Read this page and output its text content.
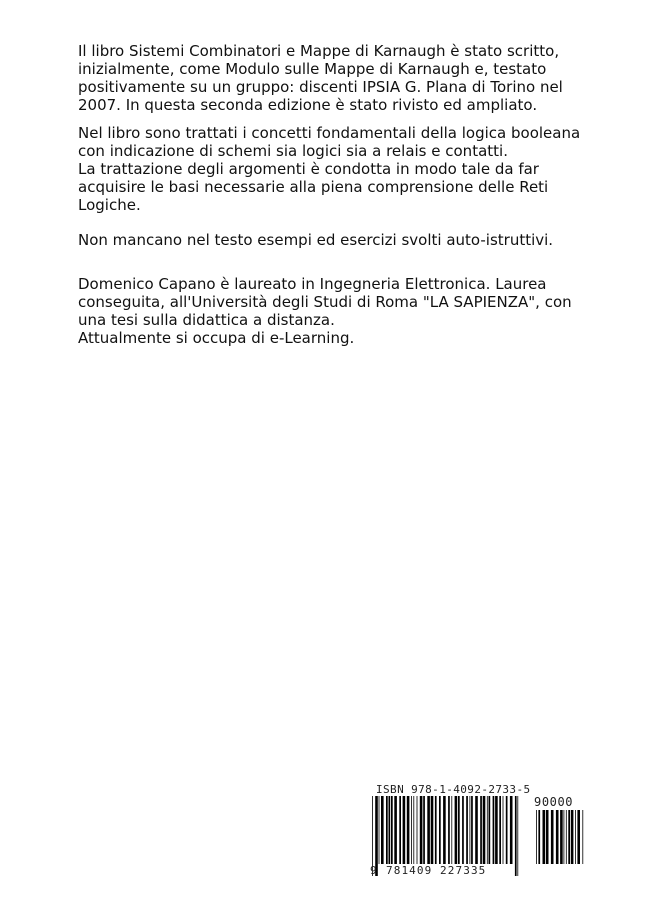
Il libro Sistemi Combinatori e Mappe di Karnaugh è stato scritto,
inizialmente, come Modulo sulle Mappe di Karnaugh e, testato
positivamente su un gruppo: discenti IPSIA G. Plana di Torino nel
2007. In questa seconda edizione è stato rivisto ed ampliato.

Nel libro sono trattati i concetti fondamentali della logica booleana
con indicazione di schemi sia logici sia a relais e contatti.
La trattazione degli argomenti è condotta in modo tale da far
acquisire le basi necessarie alla piena comprensione delle Reti
Logiche.

Non mancano nel testo esempi ed esercizi svolti auto-istruttivi.

Domenico Capano è laureato in Ingegneria Elettronica. Laurea
conseguita, all'Università degli Studi di Roma "LA SAPIENZA", con
una tesi sulla didattica a distanza.
Attualmente si occupa di e-Learning.

ISBN 978-1-4092-2733-5
90000
9 781409 227335
